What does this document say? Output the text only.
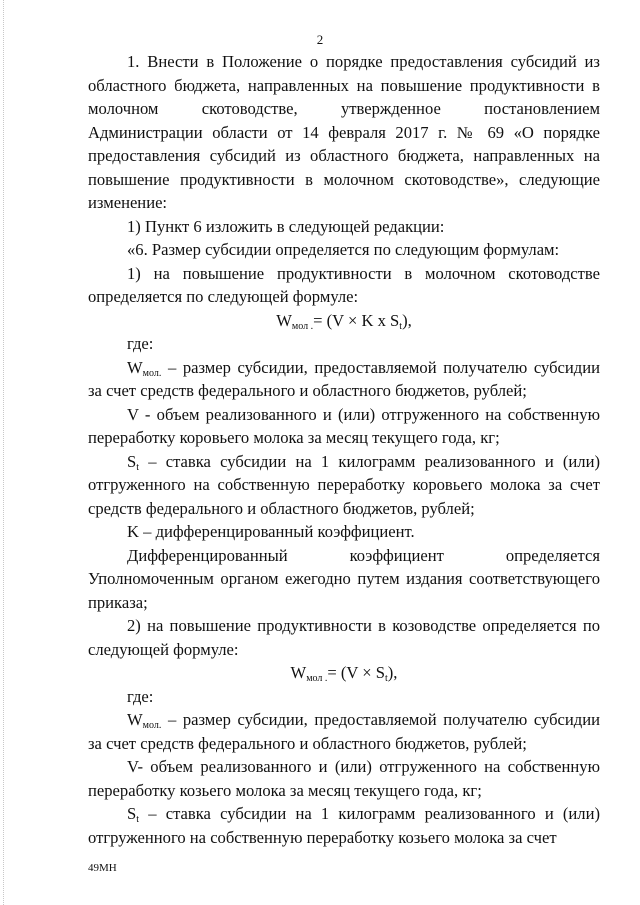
2

1. Внести в Положение о порядке предоставления субсидий из областного бюджета, направленных на повышение продуктивности в молочном скотоводстве, утвержденное постановлением Администрации области от 14 февраля 2017 г. № 69 «О порядке предоставления субсидий из областного бюджета, направленных на повышение продуктивности в молочном скотоводстве», следующие изменение:

1) Пункт 6 изложить в следующей редакции:

«6. Размер субсидии определяется по следующим формулам:

1) на повышение продуктивности в молочном скотоводстве определяется по следующей формуле:

$W_{мол .}= (V \times K$ x $S_t$),

где:

$W_{мол.}$ – размер субсидии, предоставляемой получателю субсидии за счет средств федерального и областного бюджетов, рублей;

V - объем реализованного и (или) отгруженного на собственную переработку коровьего молока за месяц текущего года, кг;

$S_t$ – ставка субсидии на 1 килограмм реализованного и (или) отгруженного на собственную переработку коровьего молока за счет средств федерального и областного бюджетов, рублей;

K – дифференцированный коэффициент.

Дифференцированный коэффициент определяется

Уполномоченным органом ежегодно путем издания соответствующего приказа;

2) на повышение продуктивности в козоводстве определяется по следующей формуле:

$W_{мол .}= (V \times S_t)$,

где:

$W_{мол.}$ – размер субсидии, предоставляемой получателю субсидии за счет средств федерального и областного бюджетов, рублей;

V- объем реализованного и (или) отгруженного на собственную переработку козьего молока за месяц текущего года, кг;

$S_t$ – ставка субсидии на 1 килограмм реализованного и (или) отгруженного на собственную переработку козьего молока за счет

49МН
